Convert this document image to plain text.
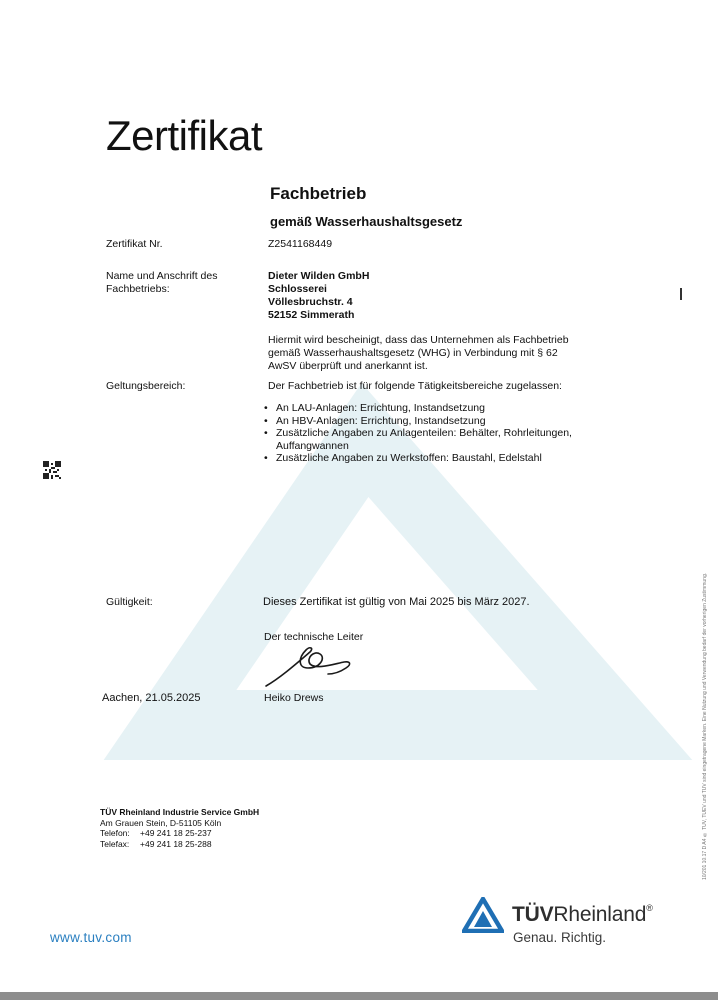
Zertifikat
Fachbetrieb
gemäß Wasserhaushaltsgesetz
Zertifikat Nr.	Z2541168449
Name und Anschrift des
Fachbetriebs:
Dieter Wilden GmbH
Schlosserei
Völlesbruchstr. 4
52152 Simmerath
Hiermit wird bescheinigt, dass das Unternehmen als Fachbetrieb
gemäß Wasserhaushaltsgesetz (WHG) in Verbindung mit § 62
AwSV überprüft und anerkannt ist.
Geltungsbereich:	Der Fachbetrieb ist für folgende Tätigkeitsbereiche zugelassen:
• An LAU-Anlagen: Errichtung, Instandsetzung
• An HBV-Anlagen: Errichtung, Instandsetzung
• Zusätzliche Angaben zu Anlagenteilen: Behälter, Rohrleitungen, Auffangwannen
• Zusätzliche Angaben zu Werkstoffen: Baustahl, Edelstahl
Gültigkeit:	Dieses Zertifikat ist gültig von Mai 2025 bis März 2027.
Der technische Leiter
Aachen, 21.05.2025	Heiko Drews
TÜV Rheinland Industrie Service GmbH
Am Grauen Stein, D-51105 Köln
Telefon:	+49 241 18 25-237
Telefax:	+49 241 18 25-288
www.tuv.com
TÜVRheinland®
Genau. Richtig.
10/201 10.17 D A4 ® TÜV, TUEV und TUV sind eingetragene Marken. Eine Nutzung und Verwendung bedarf der vorherigen Zustimmung.
